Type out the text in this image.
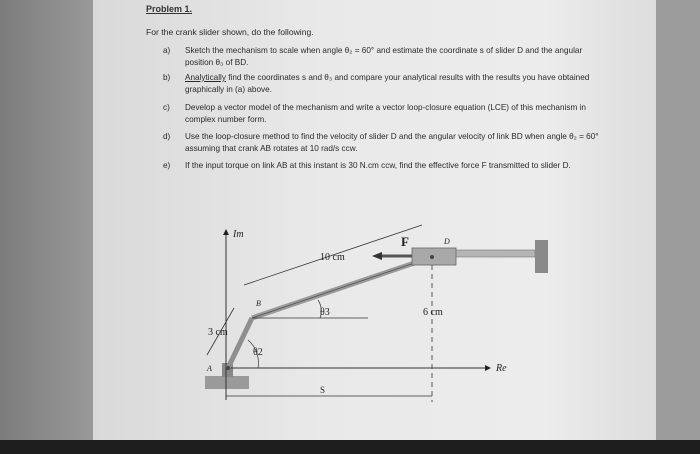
Problem 1.
For the crank slider shown, do the following.
a) Sketch the mechanism to scale when angle θ₂ = 60° and estimate the coordinate s of slider D and the angular position θ₃ of BD.
b) Analytically find the coordinates s and θ₃ and compare your analytical results with the results you have obtained graphically in (a) above.
c) Develop a vector model of the mechanism and write a vector loop-closure equation (LCE) of this mechanism in complex number form.
d) Use the loop-closure method to find the velocity of slider D and the angular velocity of link BD when angle θ₂ = 60° assuming that crank AB rotates at 10 rad/s ccw.
e) If the input torque on link AB at this instant is 30 N.cm ccw, find the effective force F transmitted to slider D.
Im
Re
A
B
D
F
10 cm
3 cm
6 cm
θ3
θ2
S
